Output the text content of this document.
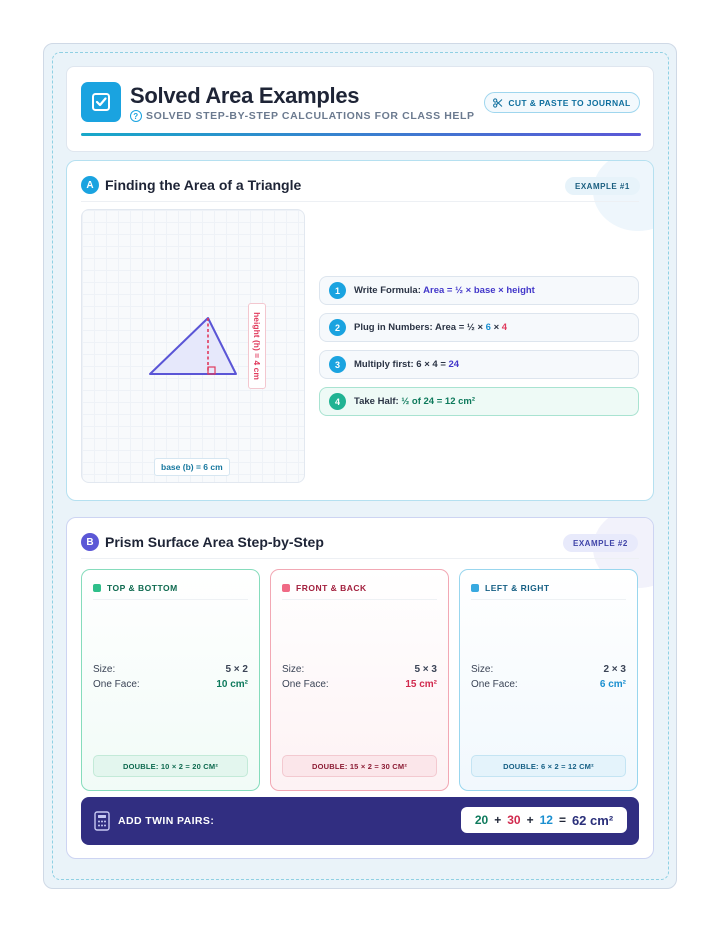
Solved Area Examples
? SOLVED STEP-BY-STEP CALCULATIONS FOR CLASS HELP
CUT & PASTE TO JOURNAL
A Finding the Area of a Triangle	EXAMPLE #1
height (h) = 4 cm
base (b) = 6 cm
1	Write Formula: Area = ½ × base × height
2	Plug in Numbers: Area = ½ × 6 × 4
3	Multiply first: 6 × 4 = 24
4	Take Half: ½ of 24 = 12 cm²
B Prism Surface Area Step-by-Step	EXAMPLE #2
TOP & BOTTOM
Size:	5 × 2
One Face:	10 cm²
DOUBLE: 10 × 2 = 20 CM²
FRONT & BACK
Size:	5 × 3
One Face:	15 cm²
DOUBLE: 15 × 2 = 30 CM²
LEFT & RIGHT
Size:	2 × 3
One Face:	6 cm²
DOUBLE: 6 × 2 = 12 CM²
ADD TWIN PAIRS:	20 + 30 + 12 = 62 cm²
